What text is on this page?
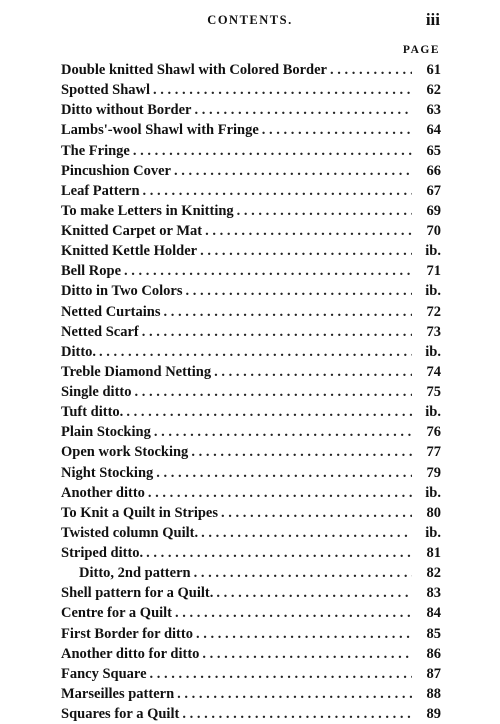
CONTENTS.	iii
PAGE
Double knitted Shawl with Colored Border . . .	61
Spotted Shawl . . .	62
Ditto without Border . . .	63
Lambs'-wool Shawl with Fringe . . .	64
The Fringe . . .	65
Pincushion Cover . . .	66
Leaf Pattern . . .	67
To make Letters in Knitting . . .	69
Knitted Carpet or Mat . . .	70
Knitted Kettle Holder . . .	ib.
Bell Rope . . .	71
Ditto in Two Colors . . .	ib.
Netted Curtains . . .	72
Netted Scarf . . .	73
Ditto. . . .	ib.
Treble Diamond Netting . . .	74
Single ditto . . .	75
Tuft ditto. . . .	ib.
Plain Stocking . . .	76
Open work Stocking . . .	77
Night Stocking . . .	79
Another ditto . . .	ib.
To Knit a Quilt in Stripes . . .	80
Twisted column Quilt. . . .	ib.
Striped ditto. . . .	81
Ditto, 2nd pattern . . .	82
Shell pattern for a Quilt. . . .	83
Centre for a Quilt . . .	84
First Border for ditto . . .	85
Another ditto for ditto . . .	86
Fancy Square . . .	87
Marseilles pattern . . .	88
Squares for a Quilt . . .	89
